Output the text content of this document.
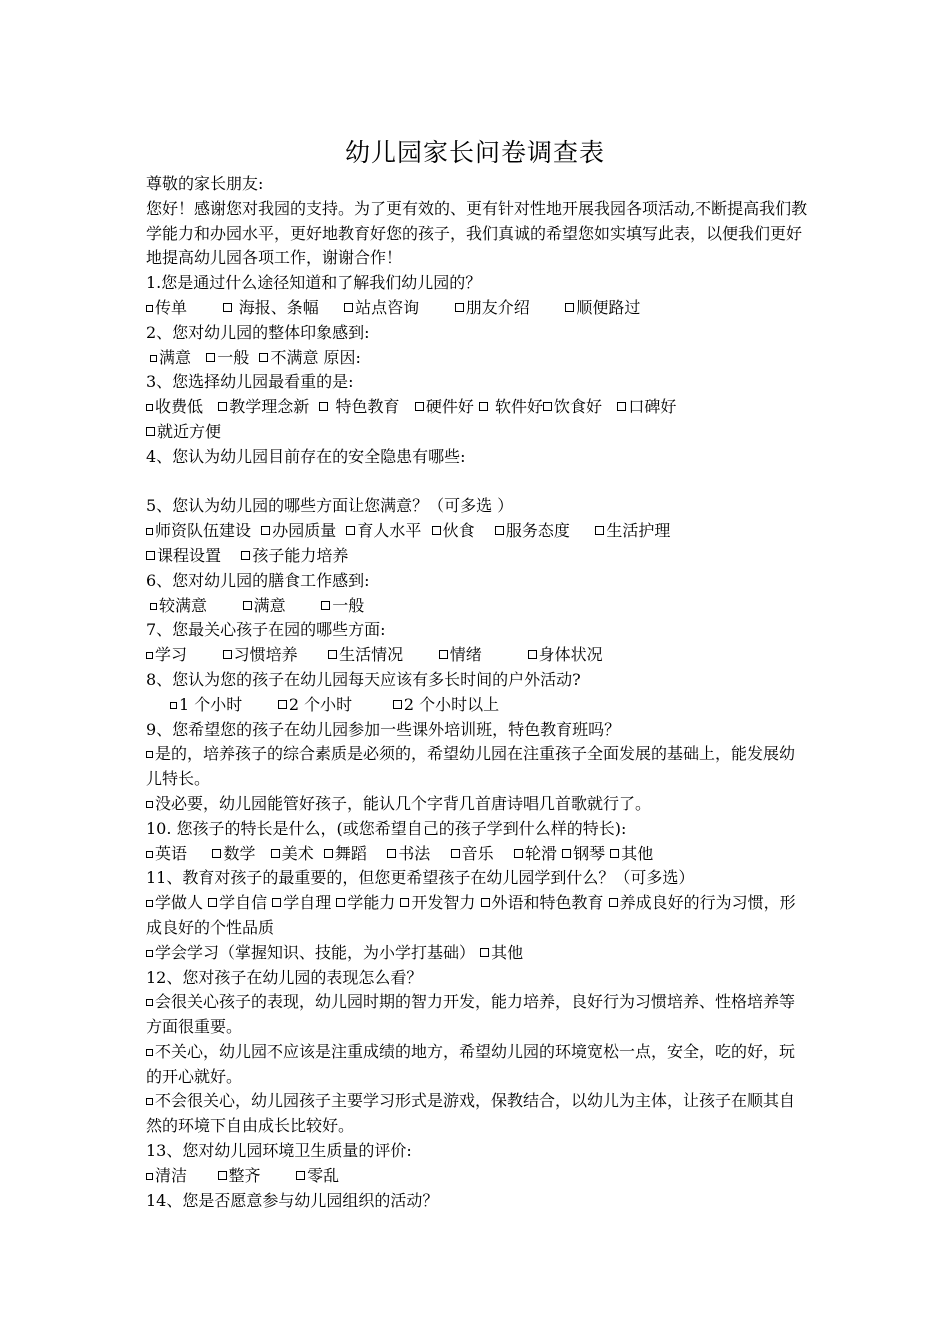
幼儿园家长问卷调查表
尊敬的家长朋友:
您好！感谢您对我园的支持。为了更有效的、更有针对性地开展我园各项活动,不断提高我们教学能力和办园水平，更好地教育好您的孩子，我们真诚的希望您如实填写此表，以便我们更好地提高幼儿园各项工作，谢谢合作！
1.您是通过什么途径知道和了解我们幼儿园的？
传单	海报、条幅 站点咨询	朋友介绍	顺便路过
2、您对幼儿园的整体印象感到:
满意 一般 不满意 原因:
3、您选择幼儿园最看重的是:
收费低 教学理念新   特色教育 硬件好  软件好 饮食好 口碑好
就近方便
4、您认为幼儿园目前存在的安全隐患有哪些:
5、您认为幼儿园的哪些方面让您满意？（可多选 ）
师资队伍建设 办园质量 育人水平 伙食 服务态度 生活护理
课程设置 孩子能力培养
6、您对幼儿园的膳食工作感到:
较满意	满意	一般
7、您最关心孩子在园的哪些方面:
学习	习惯培养	生活情况	情绪	身体状况
8、您认为您的孩子在幼儿园每天应该有多长时间的户外活动?
1 个小时	2 个小时	2 个小时以上
9、您希望您的孩子在幼儿园参加一些课外培训班，特色教育班吗？
是的，培养孩子的综合素质是必须的，希望幼儿园在注重孩子全面发展的基础上，能发展幼儿特长。
没必要，幼儿园能管好孩子，能认几个字背几首唐诗唱几首歌就行了。
10. 您孩子的特长是什么，(或您希望自己的孩子学到什么样的特长):
英语 数学 美术 舞蹈 书法 音乐 轮滑 钢琴 其他
11、教育对孩子的最重要的，但您更希望孩子在幼儿园学到什么？（可多选）
学做人 学自信 学自理 学能力 开发智力 外语和特色教育 养成良好的行为习惯，形成良好的个性品质
学会学习（掌握知识、技能，为小学打基础） 其他
12、您对孩子在幼儿园的表现怎么看？
会很关心孩子的表现，幼儿园时期的智力开发，能力培养，良好行为习惯培养、性格培养等方面很重要。
不关心，幼儿园不应该是注重成绩的地方，希望幼儿园的环境宽松一点，安全，吃的好，玩的开心就好。
不会很关心，幼儿园孩子主要学习形式是游戏，保教结合，以幼儿为主体，让孩子在顺其自然的环境下自由成长比较好。
13、您对幼儿园环境卫生质量的评价:
清洁	整齐	零乱
14、您是否愿意参与幼儿园组织的活动？
